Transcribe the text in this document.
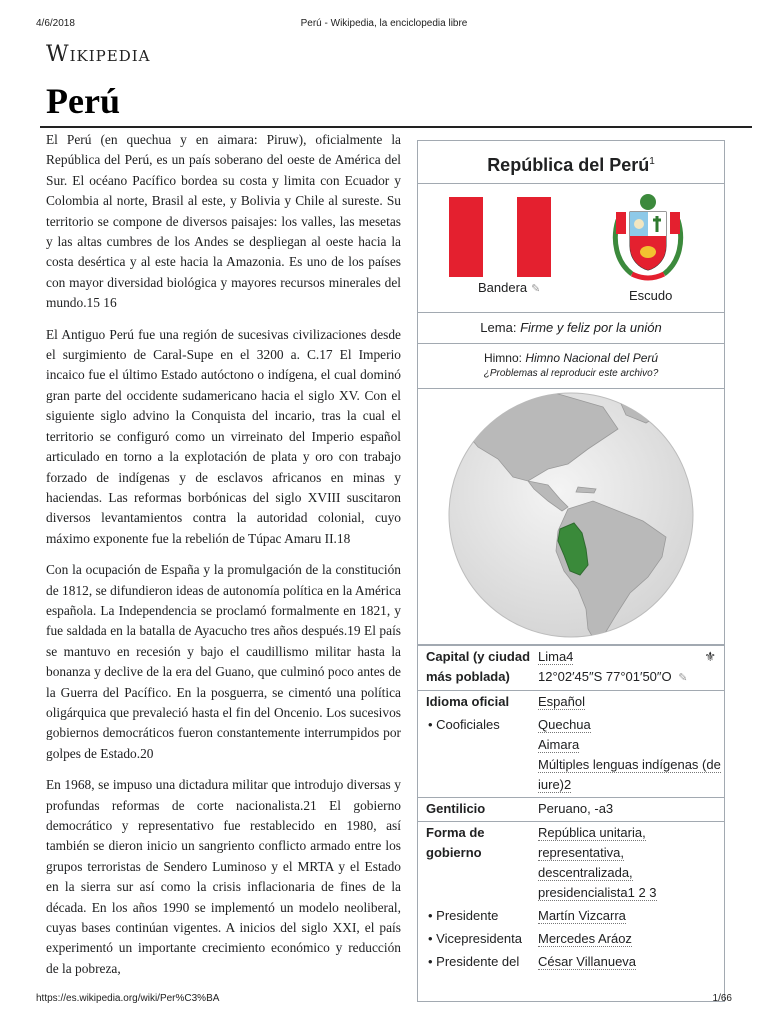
4/6/2018	Perú - Wikipedia, la enciclopedia libre
Wikipedia
Perú

El Perú (en quechua y en aimara: Piruw), oficialmente la República del Perú, es un país soberano del oeste de América del Sur. El océano Pacífico bordea su costa y limita con Ecuador y Colombia al norte, Brasil al este, y Bolivia y Chile al sureste. Su territorio se compone de diversos paisajes: los valles, las mesetas y las altas cumbres de los Andes se despliegan al oeste hacia la costa desértica y al este hacia la Amazonia. Es uno de los países con mayor diversidad biológica y mayores recursos minerales del mundo.15 16

El Antiguo Perú fue una región de sucesivas civilizaciones desde el surgimiento de Caral-Supe en el 3200 a. C.17 El Imperio incaico fue el último Estado autóctono o indígena, el cual dominó gran parte del occidente sudamericano hacia el siglo XV. Con el siguiente siglo advino la Conquista del incario, tras la cual el territorio se configuró como un virreinato del Imperio español articulado en torno a la explotación de plata y oro con trabajo forzado de indígenas y de esclavos africanos en minas y haciendas. Las reformas borbónicas del siglo XVIII suscitaron diversos levantamientos contra la autoridad colonial, cuyo máximo exponente fue la rebelión de Túpac Amaru II.18

Con la ocupación de España y la promulgación de la constitución de 1812, se difundieron ideas de autonomía política en la América española. La Independencia se proclamó formalmente en 1821, y fue saldada en la batalla de Ayacucho tres años después.19 El país se mantuvo en recesión y bajo el caudillismo militar hasta la bonanza y declive de la era del Guano, que culminó poco antes de la Guerra del Pacífico. En la posguerra, se cimentó una política oligárquica que prevaleció hasta el fin del Oncenio. Los sucesivos gobiernos democráticos fueron constantemente interrumpidos por golpes de Estado.20

En 1968, se impuso una dictadura militar que introdujo diversas y profundas reformas de corte nacionalista.21 El gobierno democrático y representativo fue restablecido en 1980, así también se dieron inicio un sangriento conflicto armado entre los grupos terroristas de Sendero Luminoso y el MRTA y el Estado en la sierra sur así como la crisis inflacionaria de fines de la década. En los años 1990 se implementó un modelo neoliberal, cuyas bases continúan vigentes. A inicios del siglo XXI, el país experimentó un importante crecimiento económico y reducción de la pobreza,

República del Perú$^1$
Bandera ✎	Escudo
Lema: Firme y feliz por la unión
Himno: Himno Nacional del Perú
¿Problemas al reproducir este archivo?
Capital (y ciudad más poblada)	Lima4 ⚜
12°02′45″S 77°01′50″O ✎

Idioma oficial	Español
• Cooficiales	Quechua
Aimara
Múltiples lenguas indígenas (de iure)2

Gentilicio	Peruano, -a3
Forma de gobierno	República unitaria,
representativa,
descentralizada,
presidencialista1 2 3

• Presidente	Martín Vizcarra
• Vicepresidenta	Mercedes Aráoz
• Presidente del	César Villanueva
https://es.wikipedia.org/wiki/Per%C3%BA	1/66
